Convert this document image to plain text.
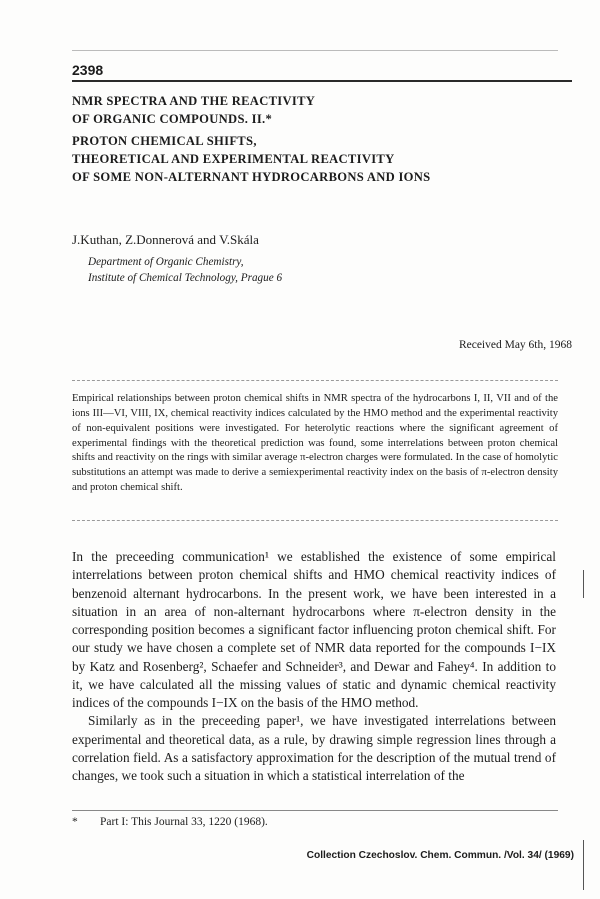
2398
NMR SPECTRA AND THE REACTIVITY
OF ORGANIC COMPOUNDS. II.*
PROTON CHEMICAL SHIFTS,
THEORETICAL AND EXPERIMENTAL REACTIVITY
OF SOME NON-ALTERNANT HYDROCARBONS AND IONS
J.Kuthan, Z.Donnerová and V.Skála
Department of Organic Chemistry,
Institute of Chemical Technology, Prague 6
Received May 6th, 1968
Empirical relationships between proton chemical shifts in NMR spectra of the hydrocarbons I, II, VII and of the ions III—VI, VIII, IX, chemical reactivity indices calculated by the HMO method and the experimental reactivity of non-equivalent positions were investigated. For heterolytic reactions where the significant agreement of experimental findings with the theoretical prediction was found, some interrelations between proton chemical shifts and reactivity on the rings with similar average π-electron charges were formulated. In the case of homolytic substitutions an attempt was made to derive a semiexperimental reactivity index on the basis of π-electron density and proton chemical shift.

In the preceeding communication¹ we established the existence of some empirical interrelations between proton chemical shifts and HMO chemical reactivity indices of benzenoid alternant hydrocarbons. In the present work, we have been interested in a situation in an area of non-alternant hydrocarbons where π-electron density in the corresponding position becomes a significant factor influencing proton chemical shift. For our study we have chosen a complete set of NMR data reported for the compounds I−IX by Katz and Rosenberg², Schaefer and Schneider³, and Dewar and Fahey⁴. In addition to it, we have calculated all the missing values of static and dynamic chemical reactivity indices of the compounds I−IX on the basis of the HMO method.

Similarly as in the preceeding paper¹, we have investigated interrelations between experimental and theoretical data, as a rule, by drawing simple regression lines through a correlation field. As a satisfactory approximation for the description of the mutual trend of changes, we took such a situation in which a statistical interrelation of the

* Part I: This Journal 33, 1220 (1968).
Collection Czechoslov. Chem. Commun. /Vol. 34/ (1969)
